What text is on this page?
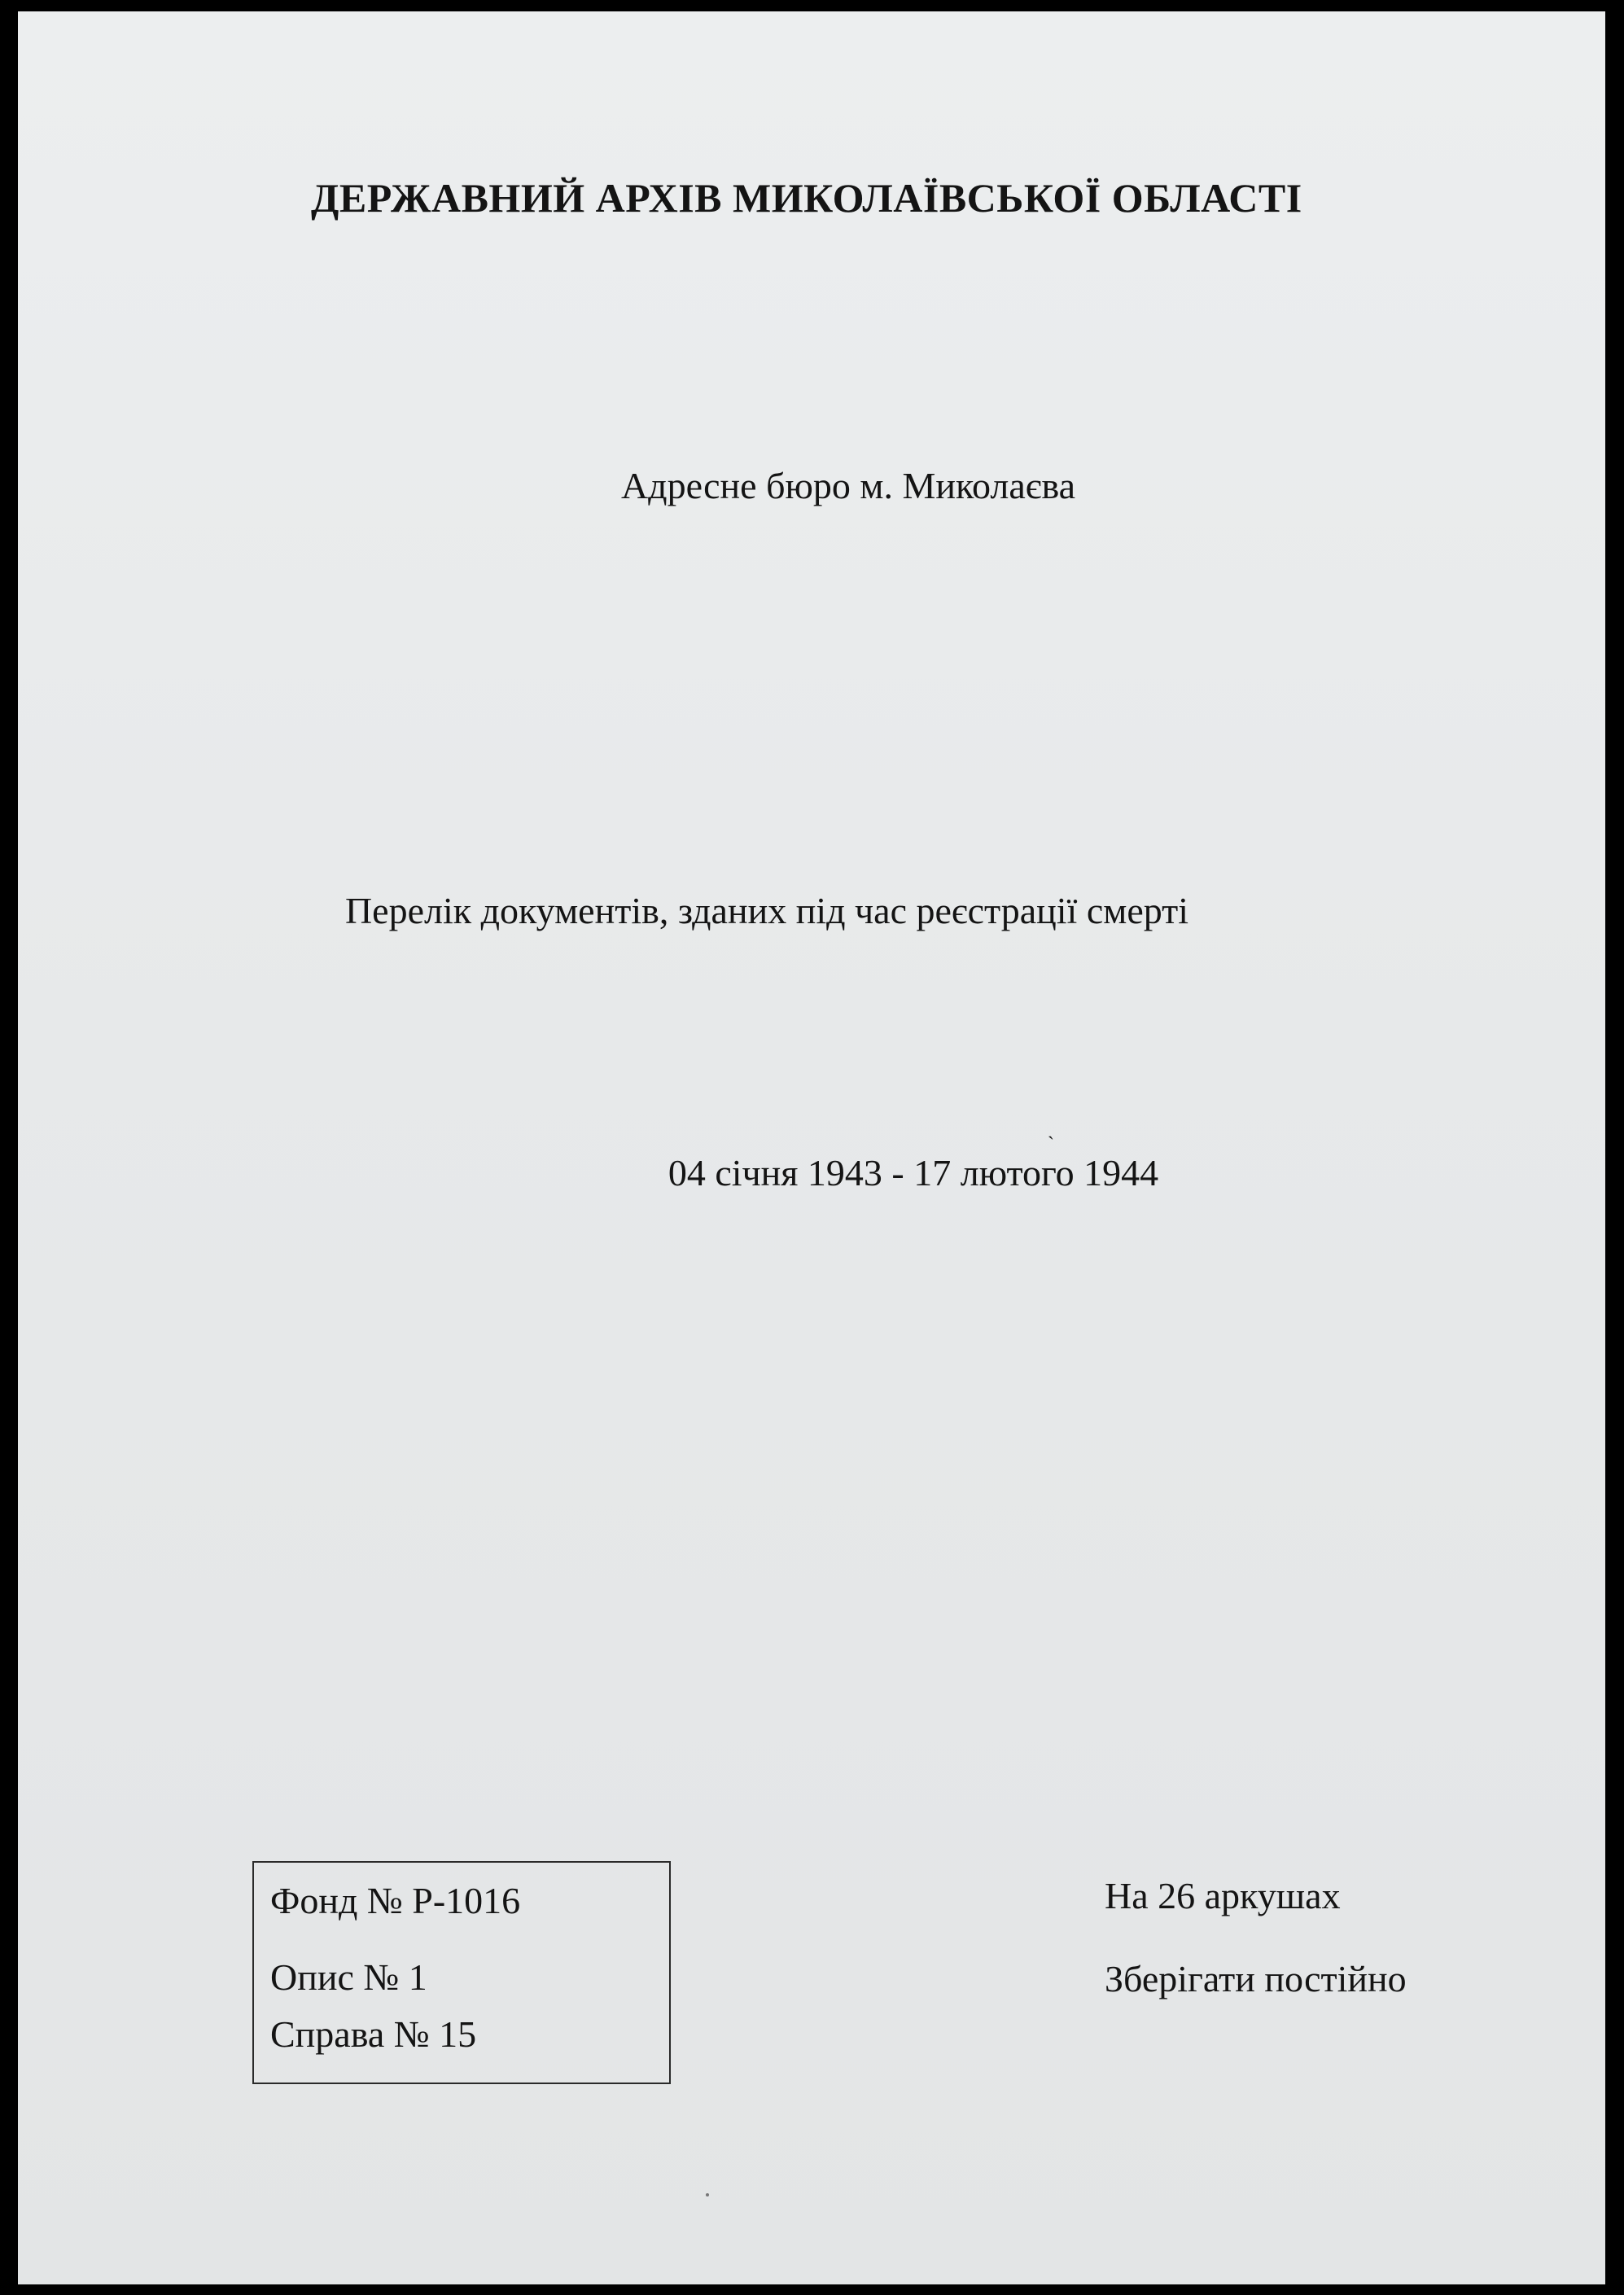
ДЕРЖАВНИЙ АРХІВ МИКОЛАЇВСЬКОЇ ОБЛАСТІ

Адресне бюро м. Миколаєва

Перелік документів, зданих під час реєстрації смерті

ˏ

04 січня 1943 - 17 лютого 1944

Фонд № Р-1016

Опис № 1

Справа № 15

На 26 аркушах

Зберігати постійно
